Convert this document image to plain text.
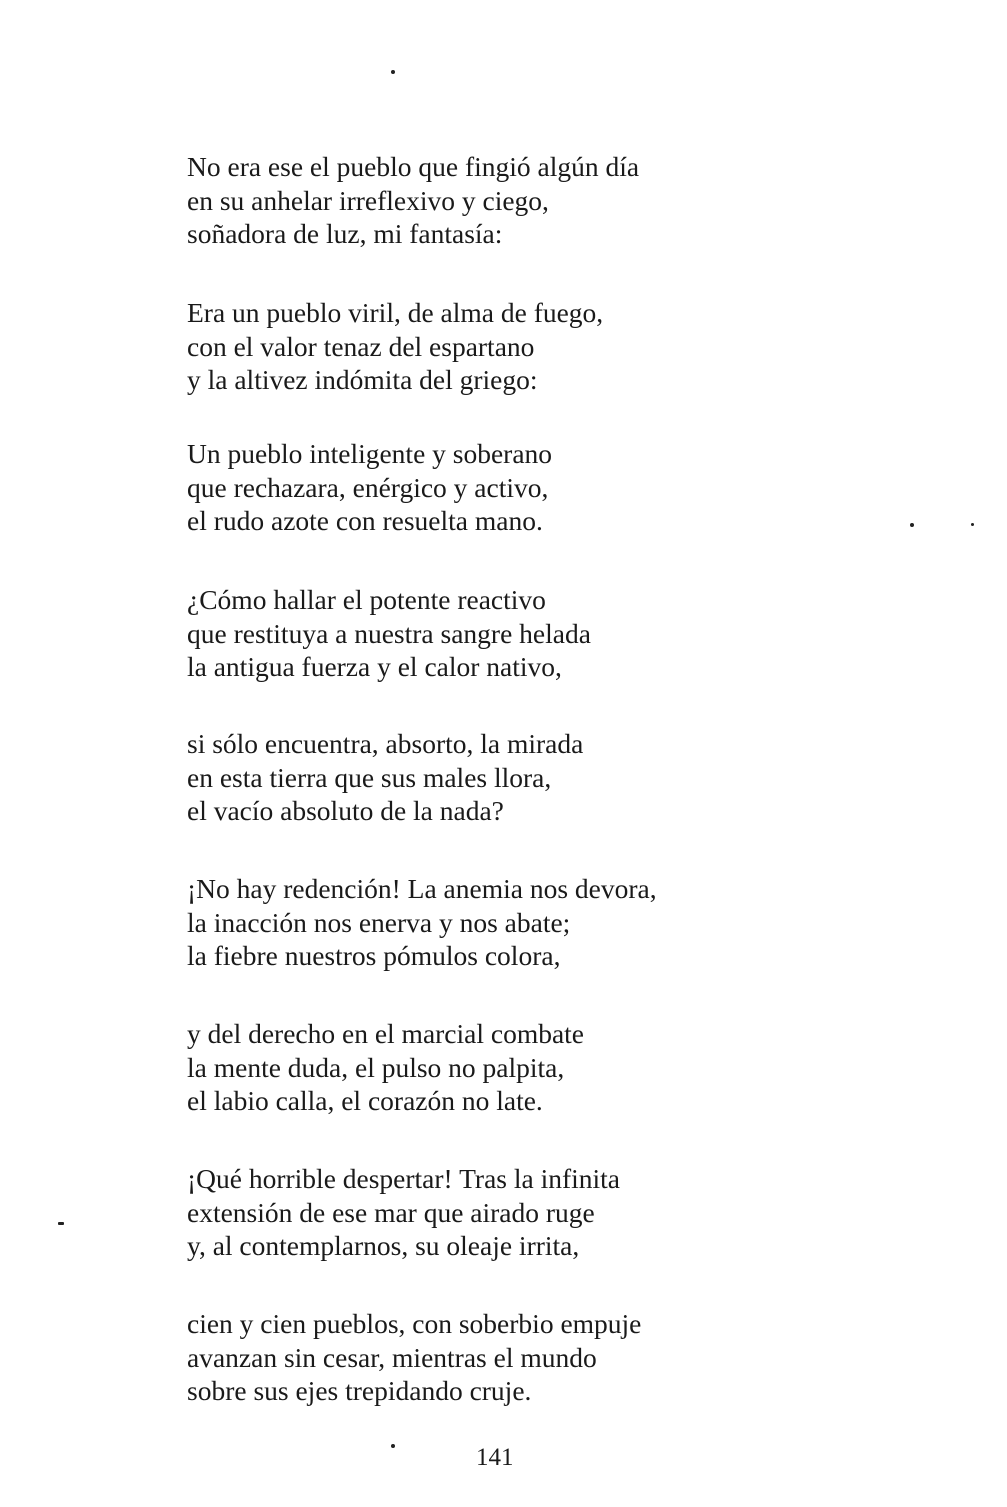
No era ese el pueblo que fingió algún día
en su anhelar irreflexivo y ciego,
soñadora de luz, mi fantasía:
Era un pueblo viril, de alma de fuego,
con el valor tenaz del espartano
y la altivez indómita del griego:
Un pueblo inteligente y soberano
que rechazara, enérgico y activo,
el rudo azote con resuelta mano.
¿Cómo hallar el potente reactivo
que restituya a nuestra sangre helada
la antigua fuerza y el calor nativo,
si sólo encuentra, absorto, la mirada
en esta tierra que sus males llora,
el vacío absoluto de la nada?
¡No hay redención! La anemia nos devora,
la inacción nos enerva y nos abate;
la fiebre nuestros pómulos colora,
y del derecho en el marcial combate
la mente duda, el pulso no palpita,
el labio calla, el corazón no late.
¡Qué horrible despertar! Tras la infinita
extensión de ese mar que airado ruge
y, al contemplarnos, su oleaje irrita,
cien y cien pueblos, con soberbio empuje
avanzan sin cesar, mientras el mundo
sobre sus ejes trepidando cruje.
141
